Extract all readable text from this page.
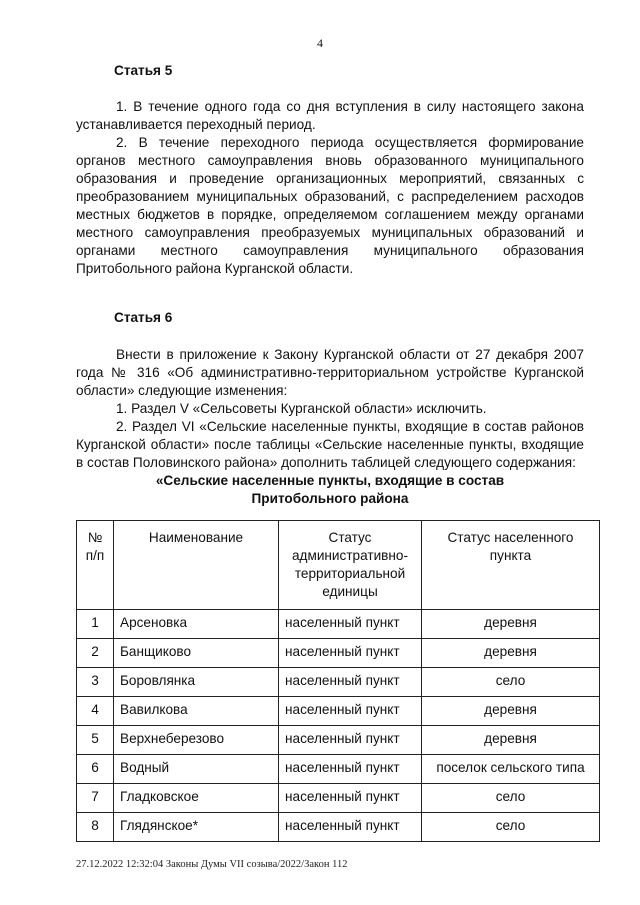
4

Статья 5

1. В течение одного года со дня вступления в силу настоящего закона устанавливается переходный период.

2. В течение переходного периода осуществляется формирование органов местного самоуправления вновь образованного муниципального образования и проведение организационных мероприятий, связанных с преобразованием муниципальных образований, с распределением расходов местных бюджетов в порядке, определяемом соглашением между органами местного самоуправления преобразуемых муниципальных образований и органами местного самоуправления муниципального образования Притобольного района Курганской области.

Статья 6

Внести в приложение к Закону Курганской области от 27 декабря 2007 года № 316 «Об административно-территориальном устройстве Курганской области» следующие изменения:

1. Раздел V «Сельсоветы Курганской области» исключить.

2. Раздел VI «Сельские населенные пункты, входящие в состав районов Курганской области» после таблицы «Сельские населенные пункты, входящие в состав Половинского района» дополнить таблицей следующего содержания:

«Сельские населенные пункты, входящие в состав

Притобольного района

№ п/п	Наименование	Статус административно-территориальной единицы	Статус населенного пункта
1	Арсеновка	населенный пункт	деревня
2	Банщиково	населенный пункт	деревня
3	Боровлянка	населенный пункт	село
4	Вавилкова	населенный пункт	деревня
5	Верхнеберезово	населенный пункт	деревня
6	Водный	населенный пункт	поселок сельского типа
7	Гладковское	населенный пункт	село
8	Глядянское*	населенный пункт	село
27.12.2022 12:32:04 Законы Думы VII созыва/2022/Закон 112
